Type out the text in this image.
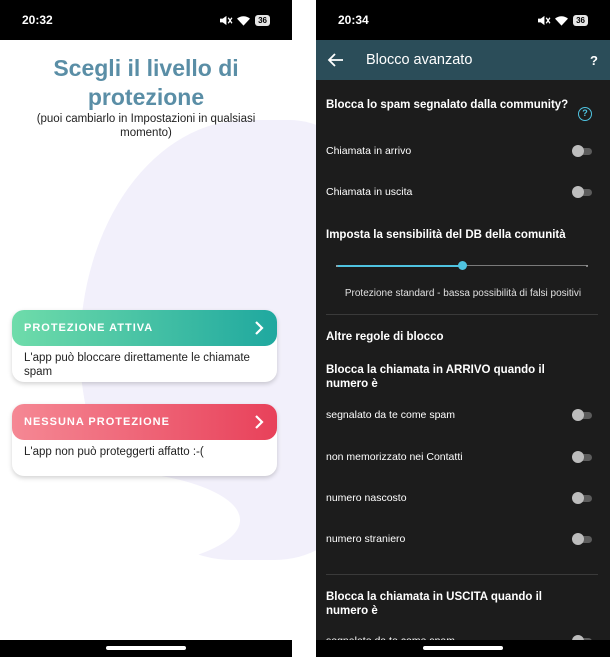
20:32	36
Scegli il livello di
protezione
(puoi cambiarlo in Impostazioni in qualsiasi momento)
PROTEZIONE ATTIVA
L'app può bloccare direttamente le chiamate spam
NESSUNA PROTEZIONE
L'app non può proteggerti affatto :-(
20:34	36
Blocco avanzato	?
Blocca lo spam segnalato dalla community?
?
Chiamata in arrivo
Chiamata in uscita
Imposta la sensibilità del DB della comunità
Protezione standard - bassa possibilità di falsi positivi
Altre regole di blocco
Blocca la chiamata in ARRIVO quando il numero è
segnalato da te come spam
non memorizzato nei Contatti
numero nascosto
numero straniero
Blocca la chiamata in USCITA quando il numero è
